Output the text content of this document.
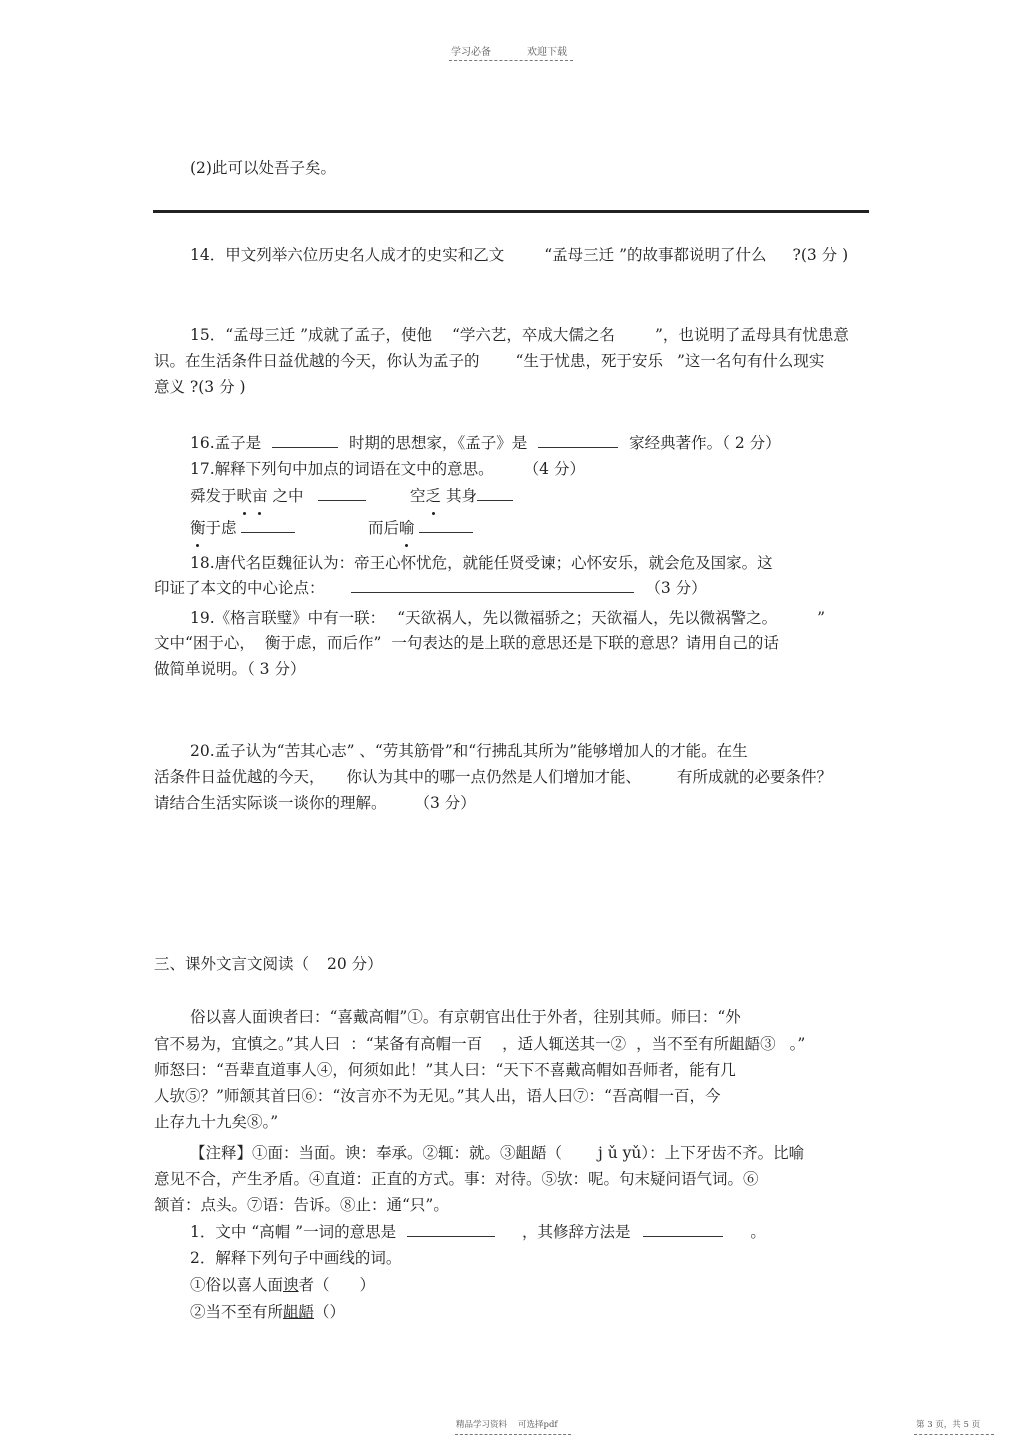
学习必备	欢迎下载
(2)此可以处吾子矣。
14．甲文列举六位历史名人成才的史实和乙文	“孟母三迁 ”的故事都说明了什么 ?(3 分 )
15．“孟母三迁 ”成就了孟子，使他 “学六艺，卒成大儒之名	”，也说明了孟母具有忧患意
识。在生活条件日益优越的今天，你认为孟子的 “生于忧患，死于安乐 ”这一名句有什么现实
意义 ?(3 分 )
16.孟子是	时期的思想家，《孟子》是	家经典著作。（ 2 分）
17.解释下列句中加点的词语在文中的意思。 （4 分）
舜发于畎亩 之中	空乏 其身
衡于虑	而后喻
18.唐代名臣魏征认为：帝王心怀忧危，就能任贤受谏；心怀安乐，就会危及国家。这
印证了本文的中心论点：	（3 分）
19.《格言联璧》中有一联： “天欲祸人，先以微福骄之；天欲福人，先以微祸警之。	”
文中“困于心， 衡于虑，而后作” 一句表达的是上联的意思还是下联的意思？请用自己的话
做简单说明。（ 3 分）
20.孟子认为“苦其心志” 、“劳其筋骨”和“行拂乱其所为”能够增加人的才能。在生
活条件日益优越的今天， 你认为其中的哪一点仍然是人们增加才能、 有所成就的必要条件？
请结合生活实际谈一谈你的理解。 （3 分）
三、课外文言文阅读（ 20 分）
俗以喜人面谀者曰：“喜戴高帽”①。有京朝官出仕于外者，往别其师。师曰：“外
官不易为，宜慎之。”其人曰 ：“某备有高帽一百 ，适人辄送其一② ，当不至有所龃龉③ 。”
师怒曰：“吾辈直道事人④，何须如此！”其人曰：“天下不喜戴高帽如吾师者，能有几
人欤⑤？”师颔其首曰⑥：“汝言亦不为无见。”其人出，语人曰⑦：“吾高帽一百，今
止存九十九矣⑧。”
【注释】①面：当面。谀：奉承。②辄：就。③龃龉（ j ǔ yǔ）：上下牙齿不齐。比喻
意见不合，产生矛盾。④直道：正直的方式。事：对待。⑤欤：呢。句末疑问语气词。⑥
颔首：点头。⑦语：告诉。⑧止：通“只”。
1．文中 “高帽 ”一词的意思是	，其修辞方法是	。
2．解释下列句子中画线的词。
①俗以喜人面谀者（ ）
②当不至有所龃龉（）
精品学习资料 可选择pdf	第 3 页，共 5 页
